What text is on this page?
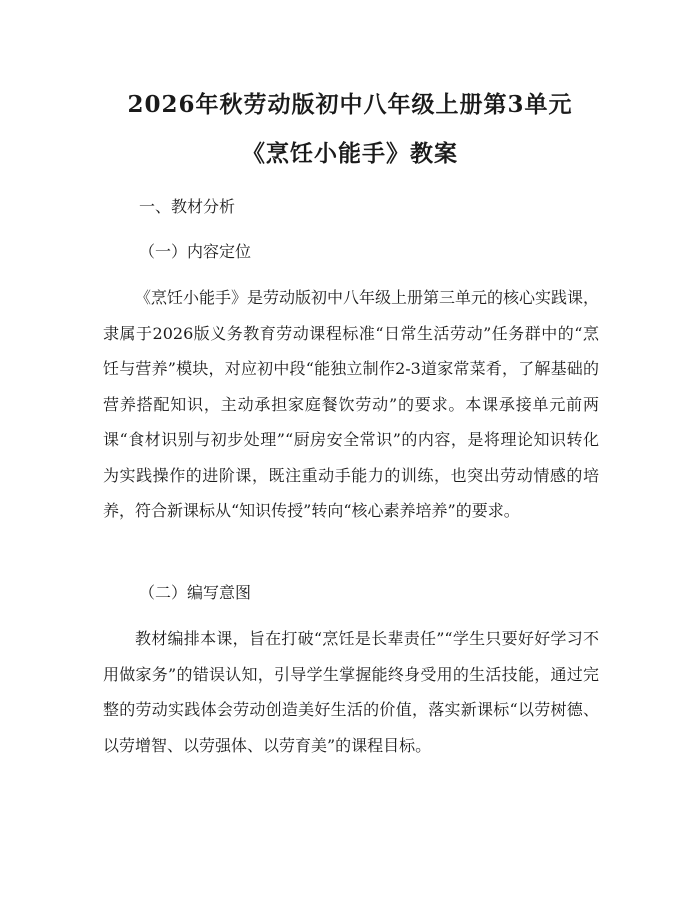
2026年秋劳动版初中八年级上册第3单元
《烹饪小能手》教案
一、教材分析
（一）内容定位

《烹饪小能手》是劳动版初中八年级上册第三单元的核心实践课，隶属于2026版义务教育劳动课程标准“日常生活劳动”任务群中的“烹饪与营养”模块，对应初中段“能独立制作2-3道家常菜肴，了解基础的营养搭配知识，主动承担家庭餐饮劳动”的要求。本课承接单元前两课“食材识别与初步处理”“厨房安全常识”的内容，是将理论知识转化为实践操作的进阶课，既注重动手能力的训练，也突出劳动情感的培养，符合新课标从“知识传授”转向“核心素养培养”的要求。

（二）编写意图

教材编排本课，旨在打破“烹饪是长辈责任”“学生只要好好学习不用做家务”的错误认知，引导学生掌握能终身受用的生活技能，通过完整的劳动实践体会劳动创造美好生活的价值，落实新课标“以劳树德、以劳增智、以劳强体、以劳育美”的课程目标。
